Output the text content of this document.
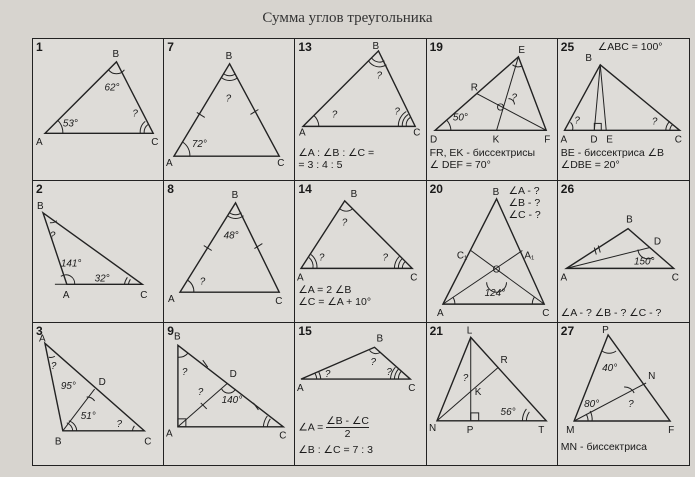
Сумма углов треугольника
1
A
B
C
53°
62°
?
7
B
A	C
?
72°
13
A
B
C
?
?
?
∠A : ∠B : ∠C =
= 3 : 4 : 5
19	E
R
O
D	K	F
50°
?
FR, EK - биссектрисы
∠ DEF = 70°
25 ∠ABC = 100°
B
A D E	C
?	?
BE - биссектриса ∠B
∠DBE = 20°
2
B
A	C
?
141°
32°
8	B
A	C
48°
?
14	B
A	C
?
?
?
∠A = 2 ∠B
∠C = ∠A + 10°
20	∠A - ?
∠B - ?
∠C - ?
B
C₁	A₁
O
124°
A	C
26
B
D
A	C
150°
∠A - ? ∠B - ? ∠C - ?
3
A
D
B	C
95°
51°
?
?
9 B
D
A	C
140°
?
?
15
B
A	C
?
?
?
∠A = $\frac{\angle B - \angle C}{2}$
∠B : ∠C = 7 : 3
21 L
R
K
N	P	T
?
56°
27	P
N
M	F
40°
80°	?
MN - биссектриса
